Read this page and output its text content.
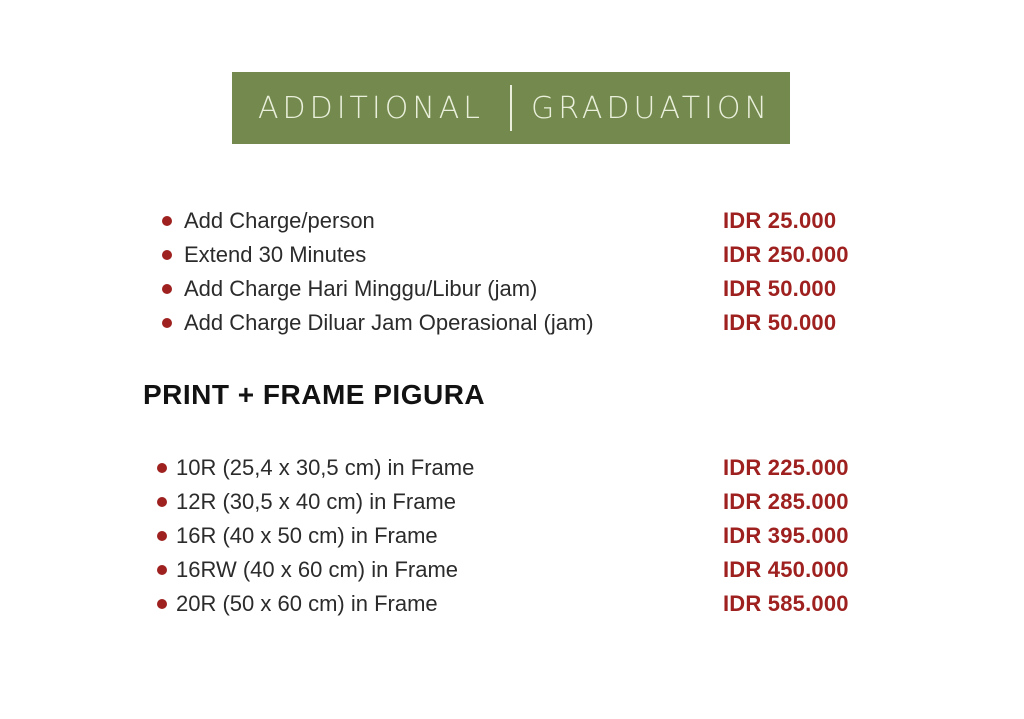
ADDITIONAL GRADUATION
Add Charge/person	IDR 25.000
Extend 30 Minutes	IDR 250.000
Add Charge Hari Minggu/Libur (jam)	IDR 50.000
Add Charge Diluar Jam Operasional (jam)	IDR 50.000
PRINT + FRAME PIGURA
10R (25,4 x 30,5 cm) in Frame	IDR 225.000
12R (30,5 x 40 cm) in Frame	IDR 285.000
16R (40 x 50 cm) in Frame	IDR 395.000
16RW (40 x 60 cm) in Frame	IDR 450.000
20R (50 x 60 cm) in Frame	IDR 585.000
